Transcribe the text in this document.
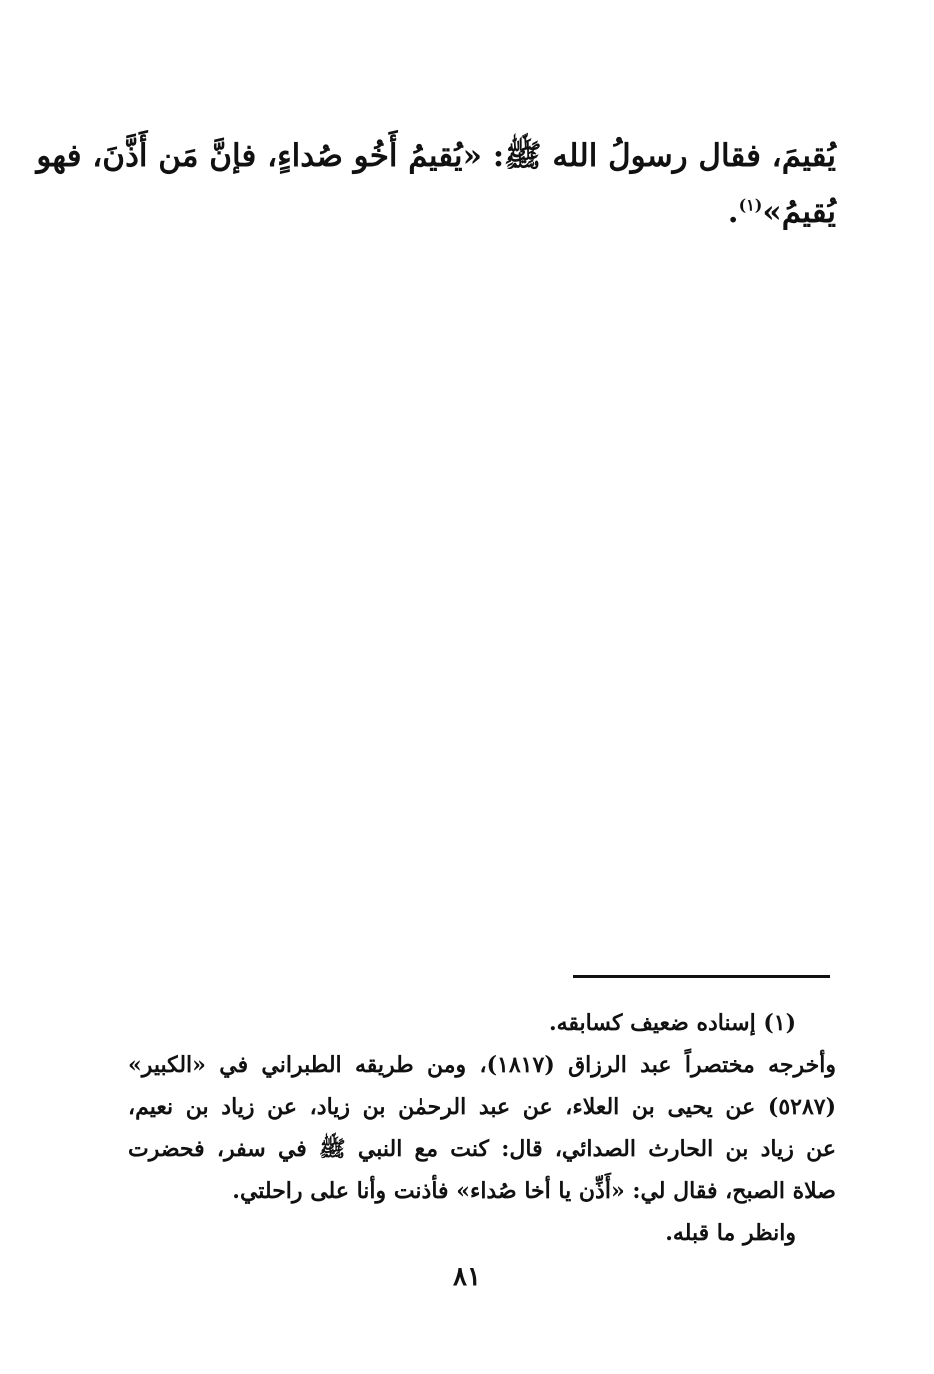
يُقيمَ، فقال رسولُ الله ﷺ: «يُقيمُ أَخُو صُداءٍ، فإنَّ مَن أَذَّنَ، فهو
يُقيمُ»$^{(١)}$.
(١) إسناده ضعيف كسابقه.
وأخرجه مختصراً عبد الرزاق (١٨١٧)، ومن طريقه الطبراني في «الكبير»
(٥٢٨٧) عن يحيى بن العلاء، عن عبد الرحمٰن بن زياد، عن زياد بن نعيم،
عن زياد بن الحارث الصدائي، قال: كنت مع النبي ﷺ في سفر، فحضرت
صلاة الصبح، فقال لي: «أَذِّن يا أخا صُداء» فأذنت وأنا على راحلتي.
وانظر ما قبله.
٨١
